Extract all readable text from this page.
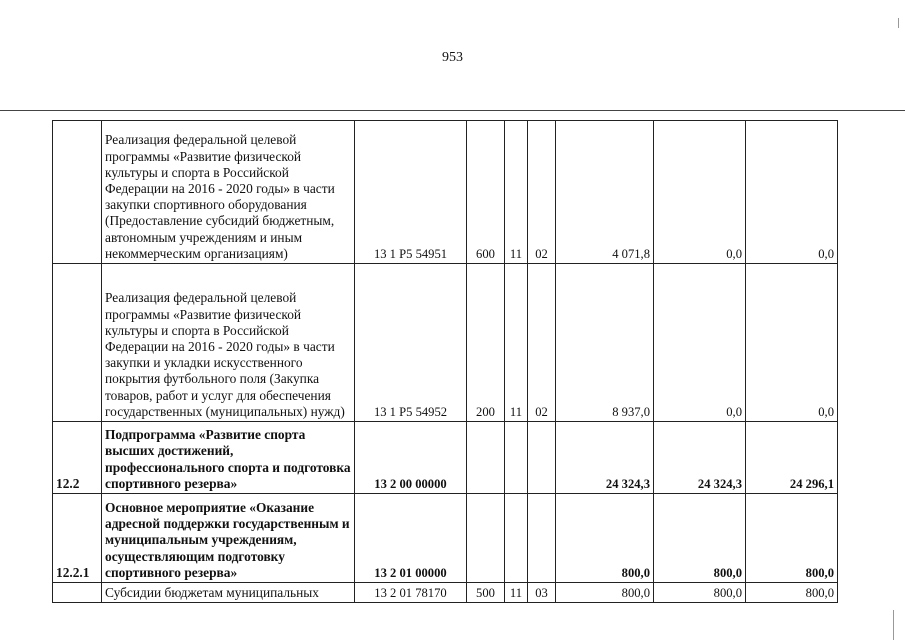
953
	Реализация федеральной целевой программы «Развитие физической культуры и спорта в Российской Федерации на 2016 - 2020 годы» в части закупки спортивного оборудования (Предоставление субсидий бюджетным, автономным учреждениям и иным некоммерческим организациям)	13 1 P5 54951	600	11	02	4 071,8	0,0	0,0
	Реализация федеральной целевой программы «Развитие физической культуры и спорта в Российской Федерации на 2016 - 2020 годы» в части закупки и укладки искусственного покрытия футбольного поля (Закупка товаров, работ и услуг для обеспечения государственных (муниципальных) нужд)	13 1 P5 54952	200	11	02	8 937,0	0,0	0,0
12.2	Подпрограмма «Развитие спорта высших достижений, профессионального спорта и подготовка спортивного резерва»	13 2 00 00000				24 324,3	24 324,3	24 296,1
12.2.1	Основное мероприятие «Оказание адресной поддержки государственным и муниципальным учреждениям, осуществляющим подготовку спортивного резерва»	13 2 01 00000				800,0	800,0	800,0
	Субсидии бюджетам муниципальных	13 2 01 78170	500	11	03	800,0	800,0	800,0
